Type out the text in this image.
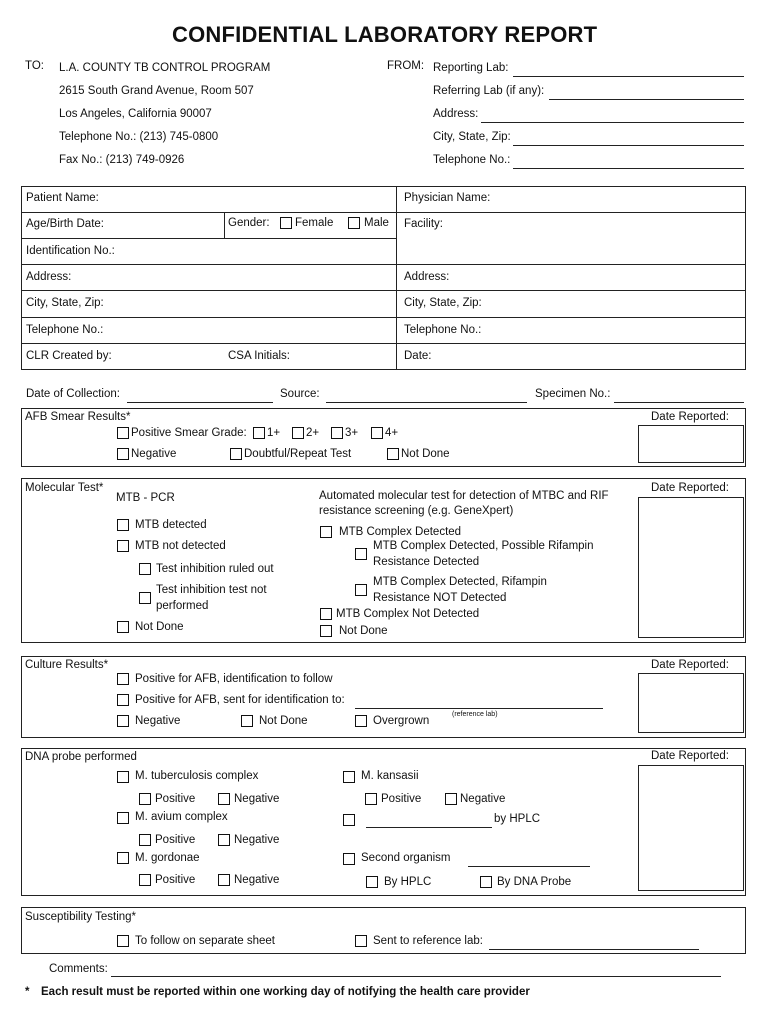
CONFIDENTIAL LABORATORY REPORT
TO: L.A. COUNTY TB CONTROL PROGRAM
2615 South Grand Avenue, Room 507
Los Angeles, California 90007
Telephone No.: (213) 745-0800
Fax No.: (213) 749-0926
FROM: Reporting Lab:
Referring Lab (if any):
Address:
City, State, Zip:
Telephone No.:
Patient Name:	Physician Name:
Age/Birth Date:	Gender: Female	Male Facility:
Identification No.:
Address:	Address:
City, State, Zip:	City, State, Zip:
Telephone No.:	Telephone No.:
CLR Created by:	CSA Initials:	Date:
Date of Collection:	Source:	Specimen No.:
AFB Smear Results*	Date Reported:
Positive Smear Grade: 1+ 2+ 3+ 4+
Negative	Doubtful/Repeat Test	Not Done
Molecular Test*	Date Reported:
MTB - PCR
MTB detected
MTB not detected
Test inhibition ruled out
Test inhibition test not
performed
Not Done
Automated molecular test for detection of MTBC and RIF
resistance screening (e.g. GeneXpert)
MTB Complex Detected
MTB Complex Detected, Possible Rifampin
Resistance Detected
MTB Complex Detected, Rifampin
Resistance NOT Detected
MTB Complex Not Detected
Not Done
Culture Results*	Date Reported:
Positive for AFB, identification to follow
Positive for AFB, sent for identification to:
(reference lab)
Negative	Not Done	Overgrown
DNA probe performed	Date Reported:
M. tuberculosis complex
Positive	Negative
M. avium complex
Positive	Negative
M. gordonae
Positive	Negative
M. kansasii
Positive	Negative
by HPLC
Second organism
By HPLC	By DNA Probe
Susceptibility Testing*
To follow on separate sheet	Sent to reference lab:
Comments:
* Each result must be reported within one working day of notifying the health care provider
